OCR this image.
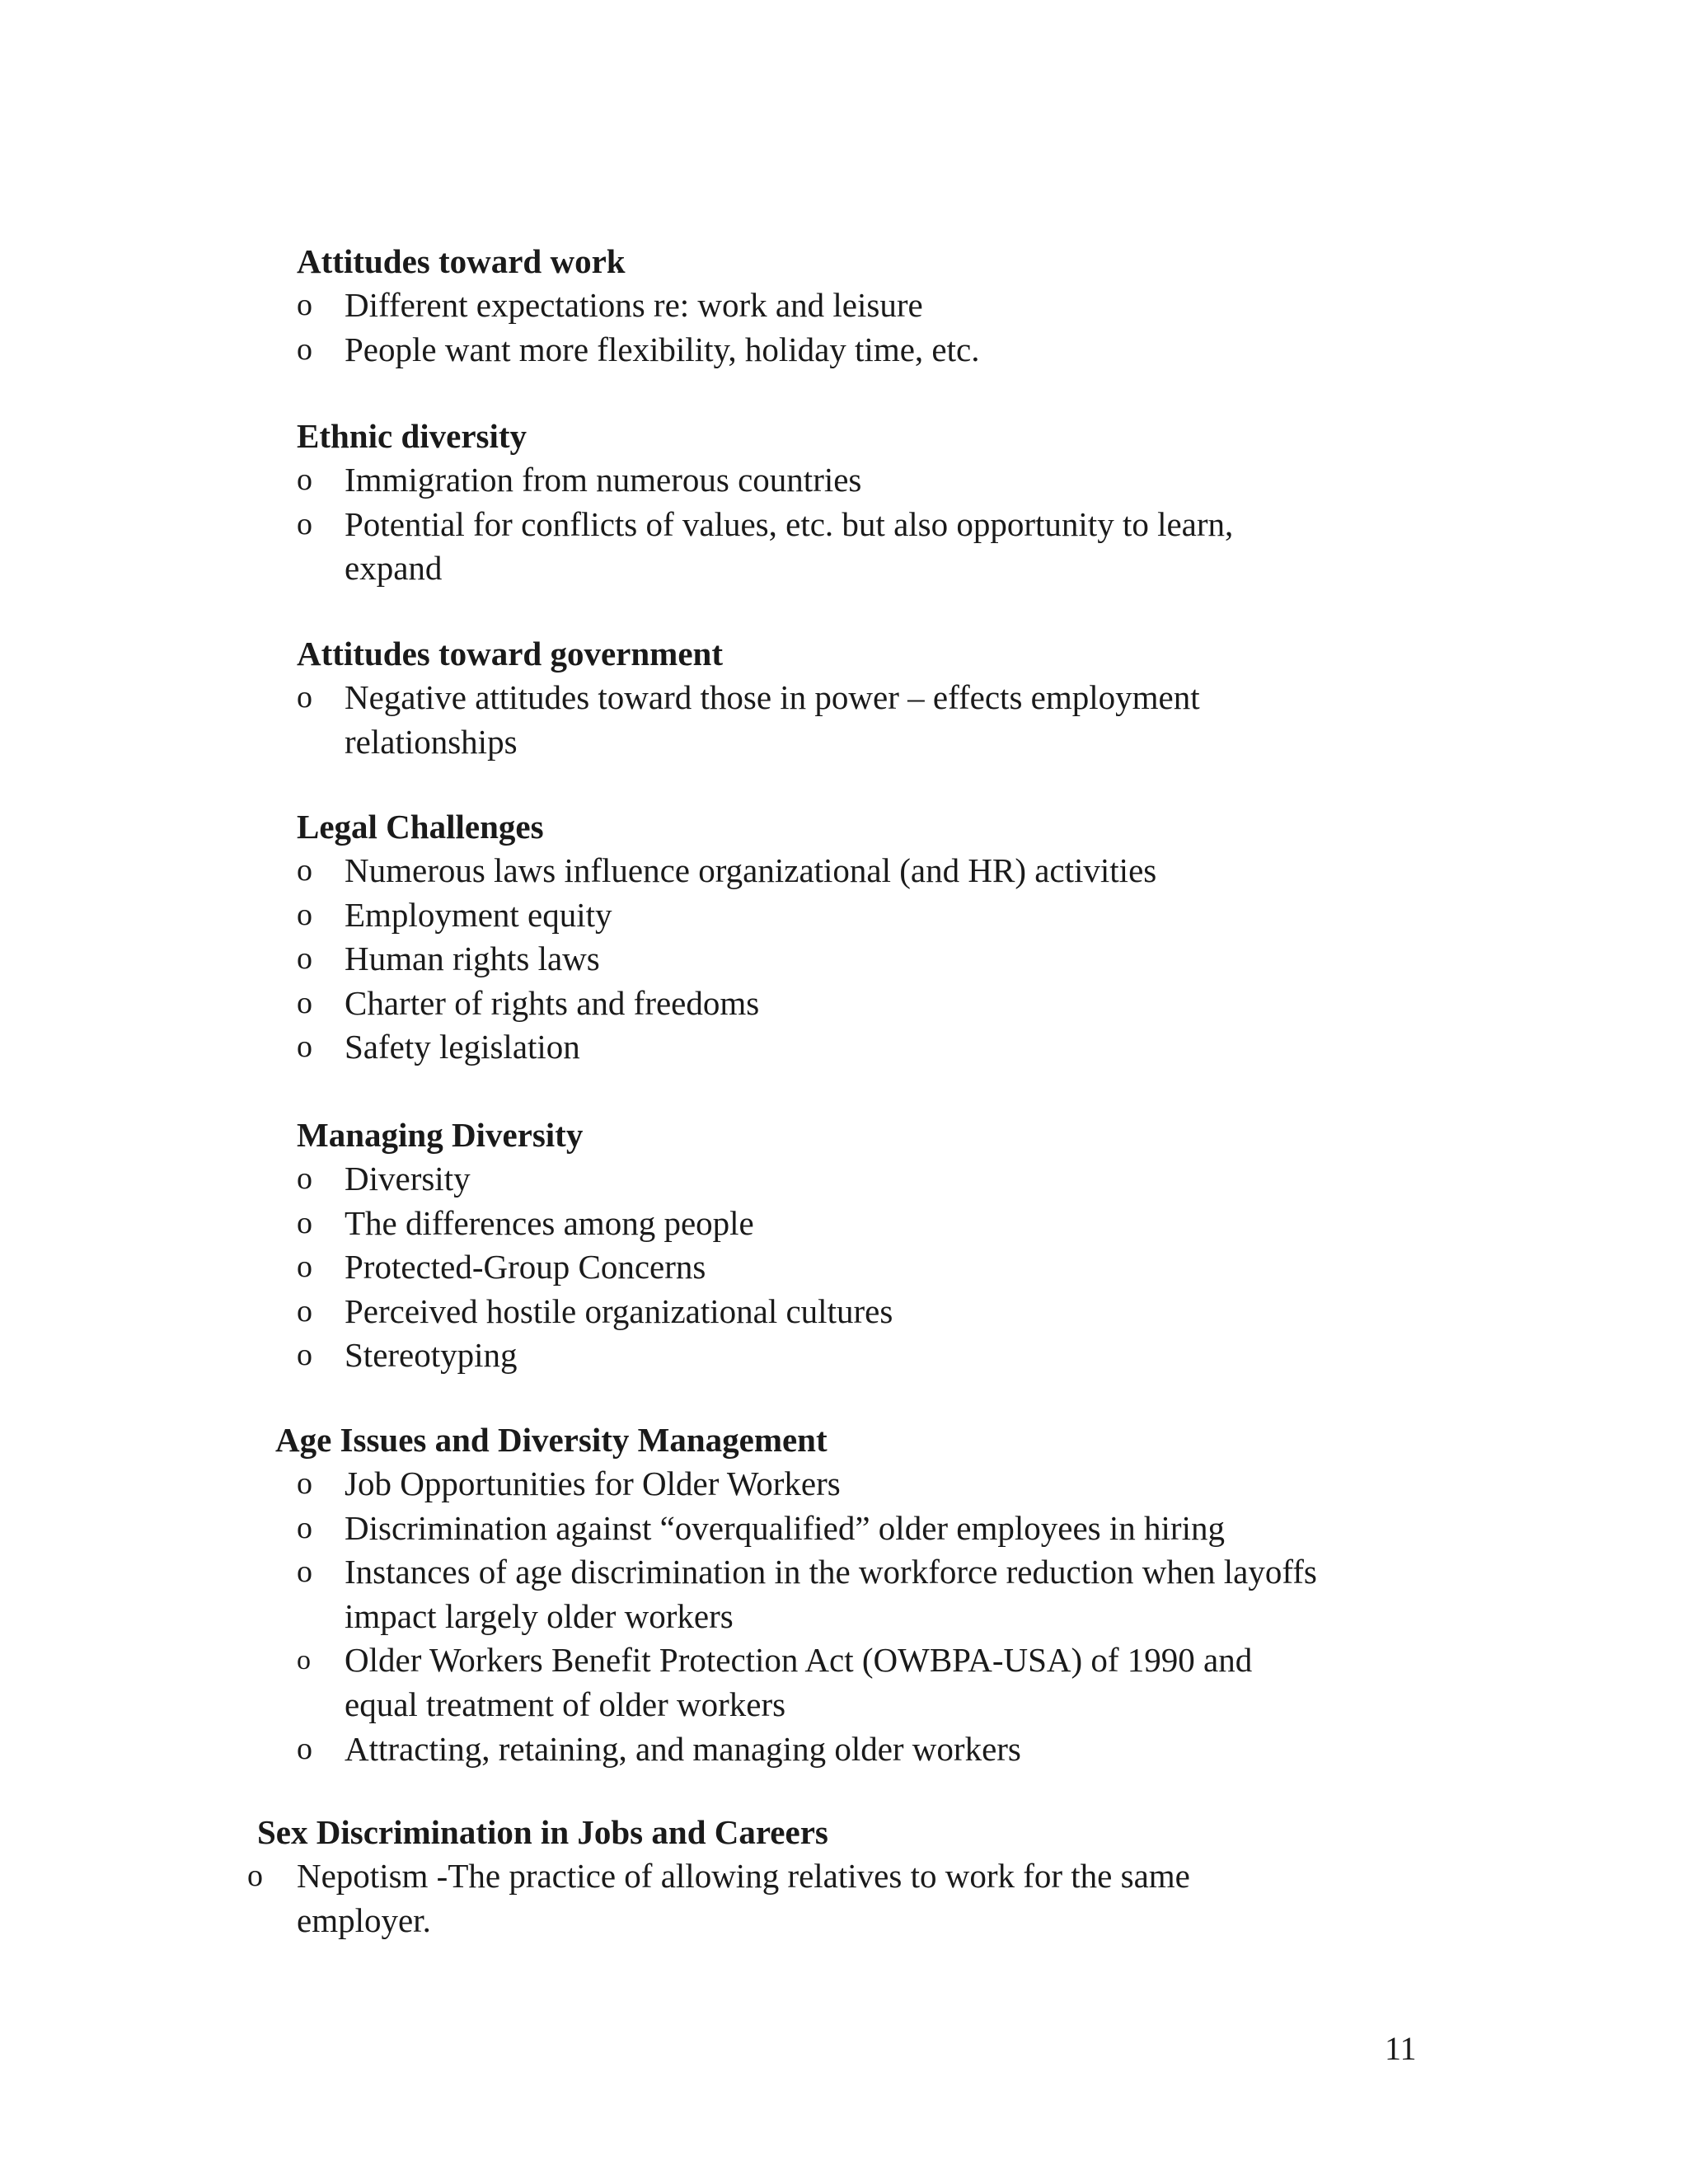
Attitudes toward work
o Different expectations re: work and leisure
o People want more flexibility, holiday time, etc.
Ethnic diversity
o Immigration from numerous countries
o Potential for conflicts of values, etc. but also opportunity to learn,
expand
Attitudes toward government
o Negative attitudes toward those in power – effects employment
relationships
Legal Challenges
o Numerous laws influence organizational (and HR) activities
o Employment equity
o Human rights laws
o Charter of rights and freedoms
o Safety legislation
Managing Diversity
o Diversity
o The differences among people
o Protected-Group Concerns
o Perceived hostile organizational cultures
o Stereotyping
Age Issues and Diversity Management
o Job Opportunities for Older Workers
o Discrimination against “overqualified” older employees in hiring
o Instances of age discrimination in the workforce reduction when layoffs
impact largely older workers
o Older Workers Benefit Protection Act (OWBPA-USA) of 1990 and
equal treatment of older workers
o Attracting, retaining, and managing older workers
Sex Discrimination in Jobs and Careers
o Nepotism -The practice of allowing relatives to work for the same
employer.
11
